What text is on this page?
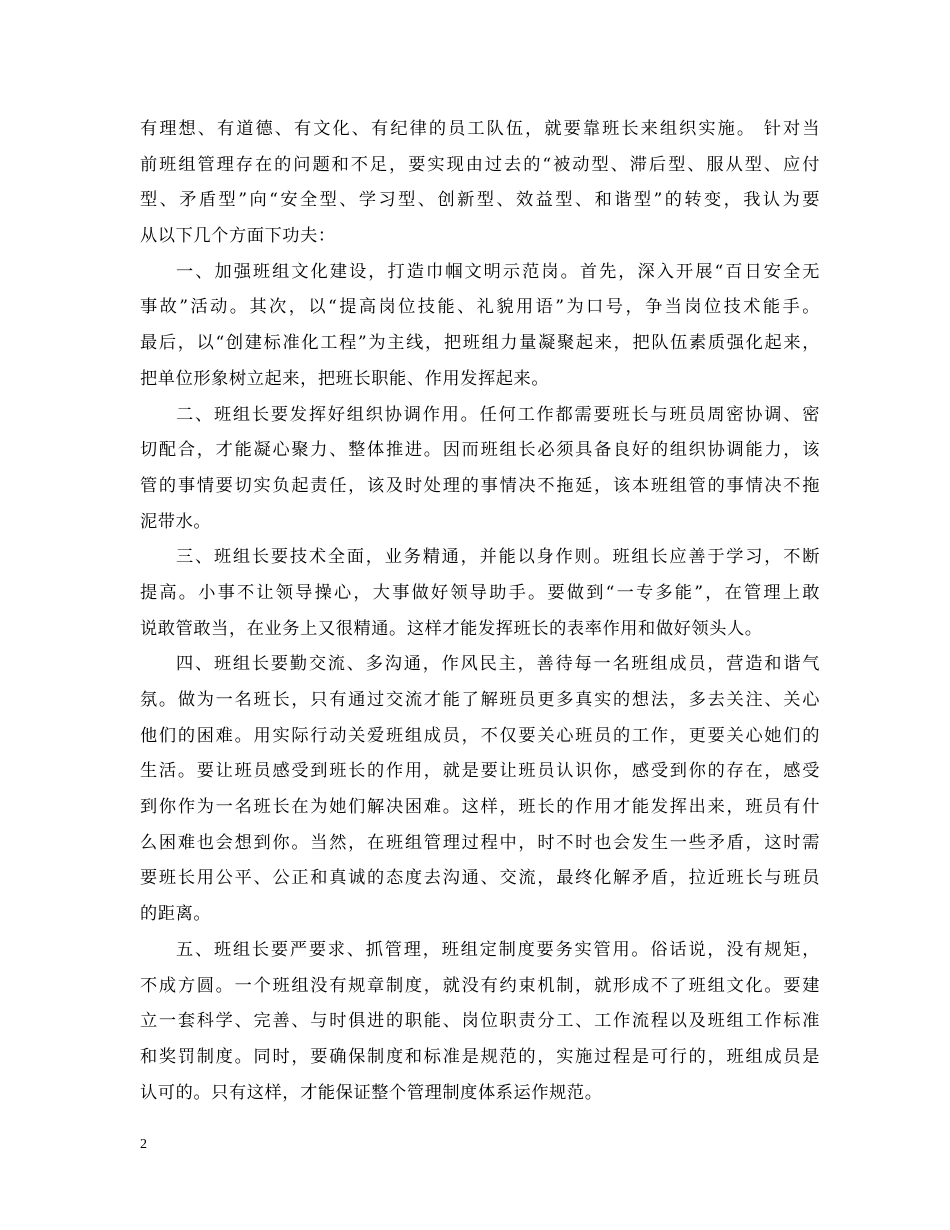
有理想、有道德、有文化、有纪律的员工队伍，就要靠班长来组织实施。 针对当

前班组管理存在的问题和不足，要实现由过去的“被动型、滞后型、服从型、应付

型、矛盾型”向“安全型、学习型、创新型、效益型、和谐型”的转变，我认为要

从以下几个方面下功夫：

一、加强班组文化建设，打造巾帼文明示范岗。首先，深入开展“百日安全无

事故”活动。其次，以“提高岗位技能、礼貌用语”为口号，争当岗位技术能手。

最后，以“创建标准化工程”为主线，把班组力量凝聚起来，把队伍素质强化起来，

把单位形象树立起来，把班长职能、作用发挥起来。

二、班组长要发挥好组织协调作用。任何工作都需要班长与班员周密协调、密

切配合，才能凝心聚力、整体推进。因而班组长必须具备良好的组织协调能力，该

管的事情要切实负起责任，该及时处理的事情决不拖延，该本班组管的事情决不拖

泥带水。

三、班组长要技术全面，业务精通，并能以身作则。班组长应善于学习，不断

提高。小事不让领导操心，大事做好领导助手。要做到“一专多能”，在管理上敢

说敢管敢当，在业务上又很精通。这样才能发挥班长的表率作用和做好领头人。

四、班组长要勤交流、多沟通，作风民主，善待每一名班组成员，营造和谐气

氛。做为一名班长，只有通过交流才能了解班员更多真实的想法，多去关注、关心

他们的困难。用实际行动关爱班组成员，不仅要关心班员的工作，更要关心她们的

生活。要让班员感受到班长的作用，就是要让班员认识你，感受到你的存在，感受

到你作为一名班长在为她们解决困难。这样，班长的作用才能发挥出来，班员有什

么困难也会想到你。当然，在班组管理过程中，时不时也会发生一些矛盾，这时需

要班长用公平、公正和真诚的态度去沟通、交流，最终化解矛盾，拉近班长与班员

的距离。

五、班组长要严要求、抓管理，班组定制度要务实管用。俗话说，没有规矩，

不成方圆。一个班组没有规章制度，就没有约束机制，就形成不了班组文化。要建

立一套科学、完善、与时俱进的职能、岗位职责分工、工作流程以及班组工作标准

和奖罚制度。同时，要确保制度和标准是规范的，实施过程是可行的，班组成员是

认可的。只有这样，才能保证整个管理制度体系运作规范。

2
